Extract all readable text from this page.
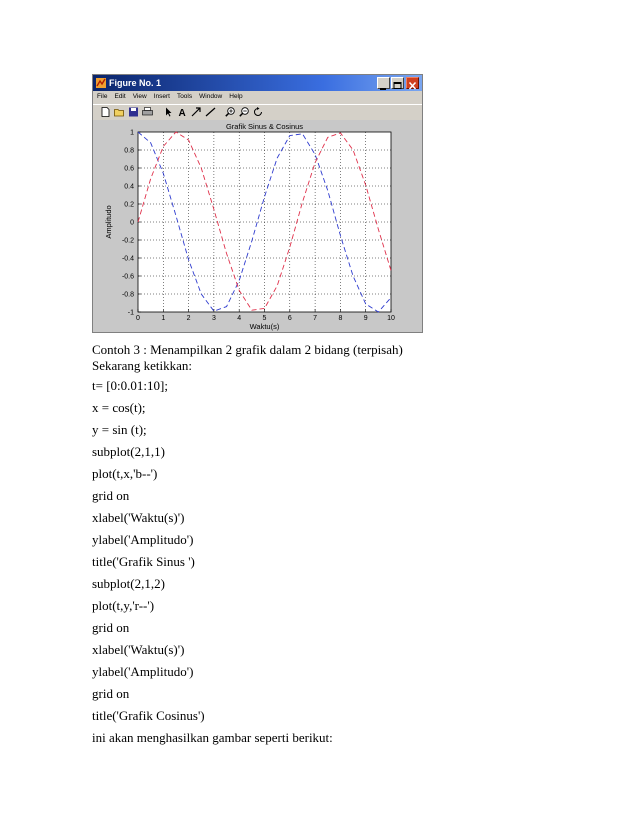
Figure No. 1
File Edit View Insert Tools Window Help
A
0	1	2	3	4	5	6	7	8	9	10
1
0.8
0.6
0.4
0.2
0
-0.2
-0.4
-0.6
-0.8
-1
Grafik Sinus & Cosinus
Waktu(s)
Amplitudo
Contoh 3 : Menampilkan 2 grafik dalam 2 bidang (terpisah)
Sekarang ketikkan:
t= [0:0.01:10];
x = cos(t);
y = sin (t);
subplot(2,1,1)
plot(t,x,'b--')
grid on
xlabel('Waktu(s)')
ylabel('Amplitudo')
title('Grafik Sinus ')
subplot(2,1,2)
plot(t,y,'r--')
grid on
xlabel('Waktu(s)')
ylabel('Amplitudo')
grid on
title('Grafik Cosinus')
ini akan menghasilkan gambar seperti berikut:
